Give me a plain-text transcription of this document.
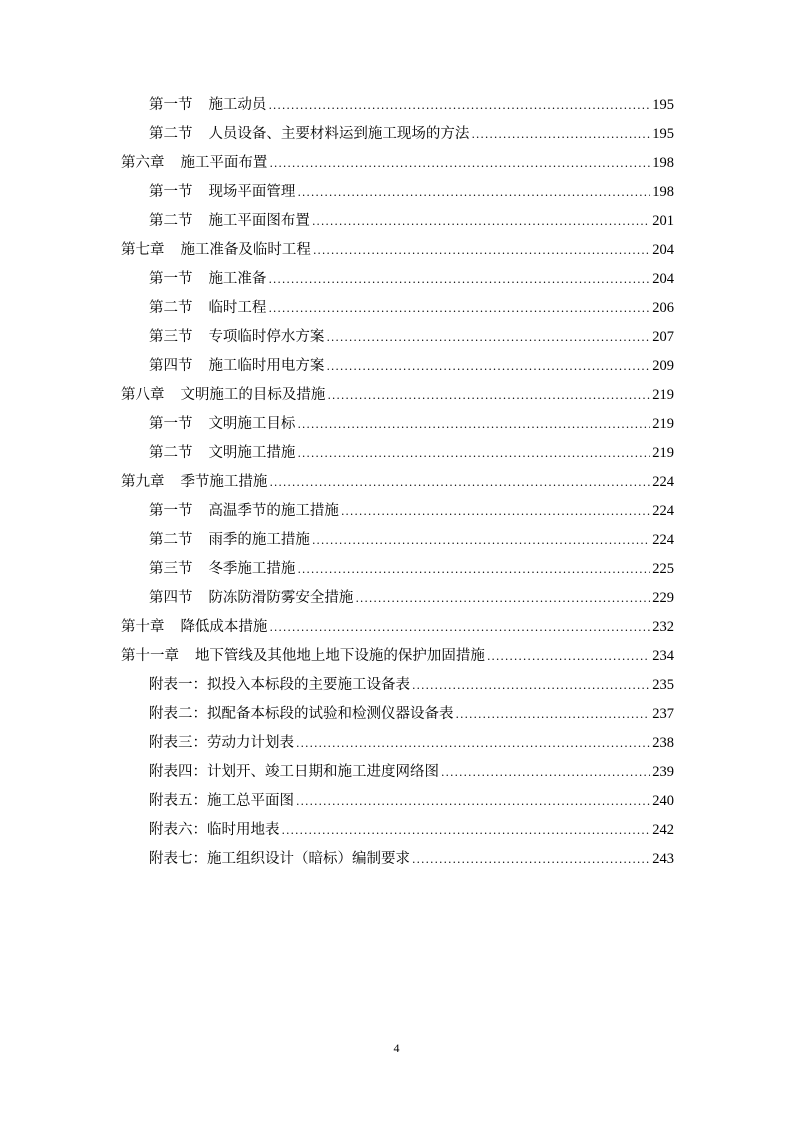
第一节 施工动员 .....	195
第二节 人员设备、主要材料运到施工现场的方法 .....	195
第六章 施工平面布置 .....	198
第一节 现场平面管理 .....	198
第二节 施工平面图布置 .....	201
第七章 施工准备及临时工程 .....	204
第一节 施工准备 .....	204
第二节 临时工程 .....	206
第三节 专项临时停水方案 .....	207
第四节 施工临时用电方案 .....	209
第八章 文明施工的目标及措施 .....	219
第一节 文明施工目标 .....	219
第二节 文明施工措施 .....	219
第九章 季节施工措施 .....	224
第一节 高温季节的施工措施 .....	224
第二节 雨季的施工措施 .....	224
第三节 冬季施工措施 .....	225
第四节 防冻防滑防雾安全措施 .....	229
第十章 降低成本措施 .....	232
第十一章 地下管线及其他地上地下设施的保护加固措施 .....	234
附表一：拟投入本标段的主要施工设备表 .....	235
附表二：拟配备本标段的试验和检测仪器设备表 .....	237
附表三：劳动力计划表 .....	238
附表四：计划开、竣工日期和施工进度网络图 .....	239
附表五：施工总平面图 .....	240
附表六：临时用地表 .....	242
附表七：施工组织设计（暗标）编制要求 .....	243
4
